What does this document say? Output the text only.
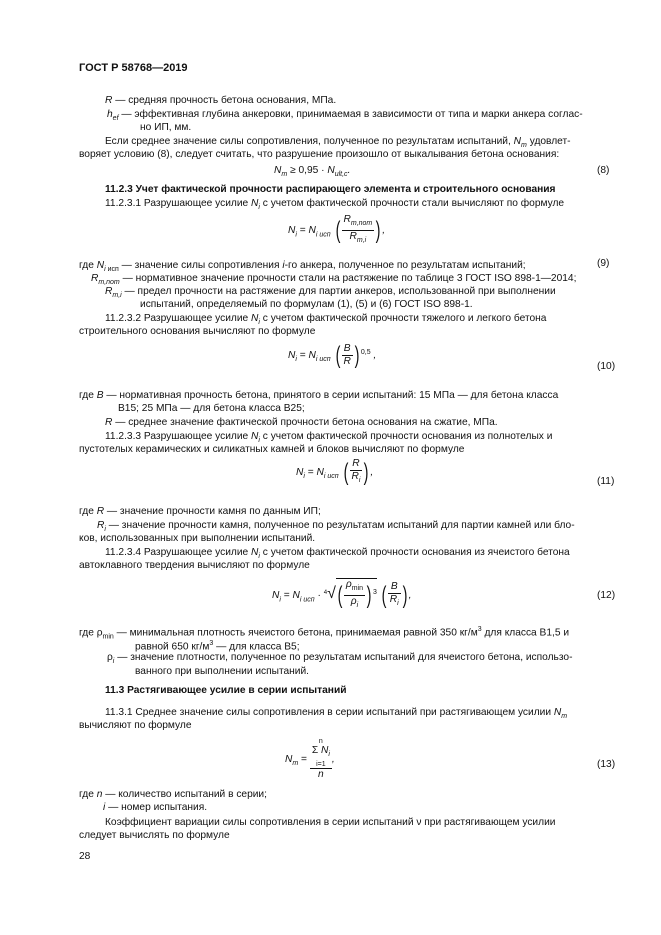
ГОСТ Р 58768—2019
R — средняя прочность бетона основания, МПа.
$h_{ef}$ — эффективная глубина анкеровки, принимаемая в зависимости от типа и марки анкера соглас-
но ИП, мм.
Если среднее значение силы сопротивления, полученное по результатам испытаний, $N_m$ удовлет-
воряет условию (8), следует считать, что разрушение произошло от выкалывания бетона основания:
$N_m \ge 0,95 \cdot N_{ult,c}$.	(8)
11.2.3 Учет фактической прочности распирающего элемента и строительного основания
11.2.3.1 Разрушающее усилие $N_i$ с учетом фактической прочности стали вычисляют по формуле
$N_i = N_{i исп}$ ( $\frac{R_{m,nom}}{R_{m,i}}$ ) ,
(9)
где $N_{i исп}$ — значение силы сопротивления i-го анкера, полученное по результатам испытаний;
$R_{m,nom}$ — нормативное значение прочности стали на растяжение по таблице 3 ГОСТ ISO 898-1—2014;
$R_{m,i}$ — предел прочности на растяжение для партии анкеров, использованной при выполнении
испытаний, определяемый по формулам (1), (5) и (6) ГОСТ ISO 898-1.
11.2.3.2 Разрушающее усилие $N_i$ с учетом фактической прочности тяжелого и легкого бетона
строительного основания вычисляют по формуле
$N_i = N_{i исп}$ ( $\frac{B}{R}$ ) $^{0,5}$ ,
(10)
где B — нормативная прочность бетона, принятого в серии испытаний: 15 МПа — для бетона класса
B15; 25 МПа — для бетона класса B25;
R — среднее значение фактической прочности бетона основания на сжатие, МПа.
11.2.3.3 Разрушающее усилие $N_i$ с учетом фактической прочности основания из полнотелых и
пустотелых керамических и силикатных камней и блоков вычисляют по формуле
$N_i = N_{i исп}$ ( $\frac{R}{R_i}$ ) ,
(11)
где R — значение прочности камня по данным ИП;
$R_i$ — значение прочности камня, полученное по результатам испытаний для партии камней или бло-
ков, использованных при выполнении испытаний.
11.2.3.4 Разрушающее усилие $N_i$ с учетом фактической прочности основания из ячеистого бетона
автоклавного твердения вычисляют по формуле
$N_i = N_{i исп} \cdot ^4√( \frac{\rho_{min}}{\rho_i}$ ) $^3$ ( $\frac{B}{R_i}$ ) ,	(12)
где $\rho_{min}$ — минимальная плотность ячеистого бетона, принимаемая равной 350 $кг/м^3$ для класса B1,5 и
равной 650 $кг/м^3$ — для класса B5;
$\rho_i$ — значение плотности, полученное по результатам испытаний для ячеистого бетона, использо-
ванного при выполнении испытаний.
11.3 Растягивающее усилие в серии испытаний
11.3.1 Среднее значение силы сопротивления в серии испытаний при растягивающем усилии $N_m$
вычисляют по формуле
$N_m = n$
Σ $N_i$
i=1
n ,	(13)
где n — количество испытаний в серии;
i — номер испытания.
Коэффициент вариации силы сопротивления в серии испытаний ν при растягивающем усилии
следует вычислять по формуле
28
